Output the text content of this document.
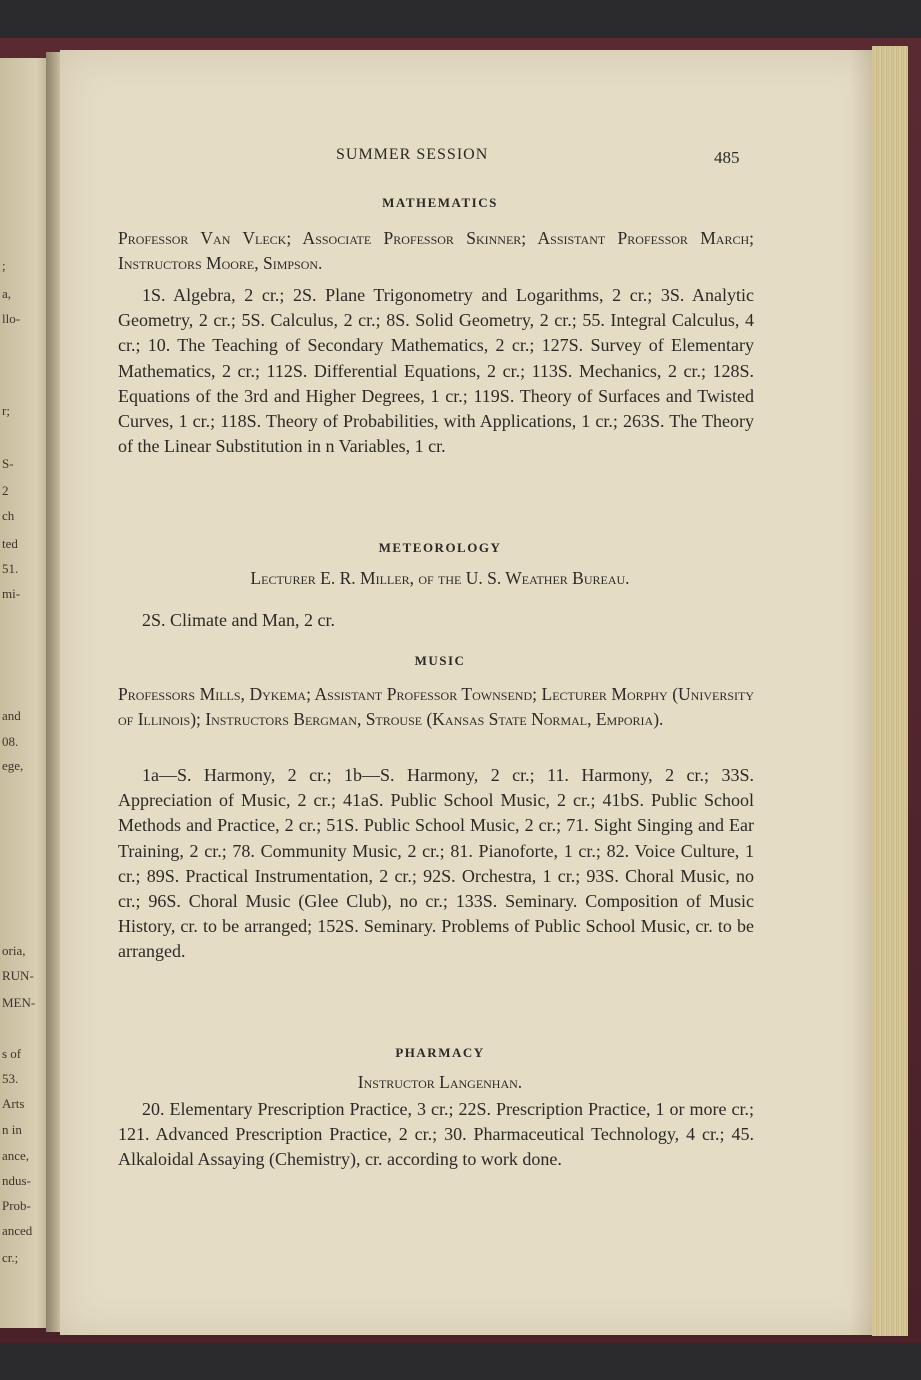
;
a,
llo-
r;
S-
2
ch
ted
51.
mi-
and
08.
ege,
oria,
RUN-
MEN-
s of
53.
Arts
n in
ance,
ndus-
Prob-
anced
cr.;
SUMMER SESSION	485
MATHEMATICS
Professor Van Vleck; Associate Professor Skinner; Assistant Professor March; Instructors Moore, Simpson.
1S. Algebra, 2 cr.; 2S. Plane Trigonometry and Logarithms, 2 cr.; 3S. Analytic Geometry, 2 cr.; 5S. Calculus, 2 cr.; 8S. Solid Geometry, 2 cr.; 55. Integral Calculus, 4 cr.; 10. The Teaching of Secondary Mathematics, 2 cr.; 127S. Survey of Elementary Mathematics, 2 cr.; 112S. Differential Equations, 2 cr.; 113S. Mechanics, 2 cr.; 128S. Equations of the 3rd and Higher Degrees, 1 cr.; 119S. Theory of Surfaces and Twisted Curves, 1 cr.; 118S. Theory of Probabilities, with Applications, 1 cr.; 263S. The Theory of the Linear Substitution in n Variables, 1 cr.
METEOROLOGY
Lecturer E. R. Miller, of the U. S. Weather Bureau.
2S. Climate and Man, 2 cr.
MUSIC
Professors Mills, Dykema; Assistant Professor Townsend; Lecturer Morphy (University of Illinois); Instructors Bergman, Strouse (Kansas State Normal, Emporia).
1a—S. Harmony, 2 cr.; 1b—S. Harmony, 2 cr.; 11. Harmony, 2 cr.; 33S. Appreciation of Music, 2 cr.; 41aS. Public School Music, 2 cr.; 41bS. Public School Methods and Practice, 2 cr.; 51S. Public School Music, 2 cr.; 71. Sight Singing and Ear Training, 2 cr.; 78. Community Music, 2 cr.; 81. Pianoforte, 1 cr.; 82. Voice Culture, 1 cr.; 89S. Practical Instrumentation, 2 cr.; 92S. Orchestra, 1 cr.; 93S. Choral Music, no cr.; 96S. Choral Music (Glee Club), no cr.; 133S. Seminary. Composition of Music History, cr. to be arranged; 152S. Seminary. Problems of Public School Music, cr. to be arranged.
PHARMACY
Instructor Langenhan.
20. Elementary Prescription Practice, 3 cr.; 22S. Prescription Practice, 1 or more cr.; 121. Advanced Prescription Practice, 2 cr.; 30. Pharmaceutical Technology, 4 cr.; 45. Alkaloidal Assaying (Chemistry), cr. according to work done.
